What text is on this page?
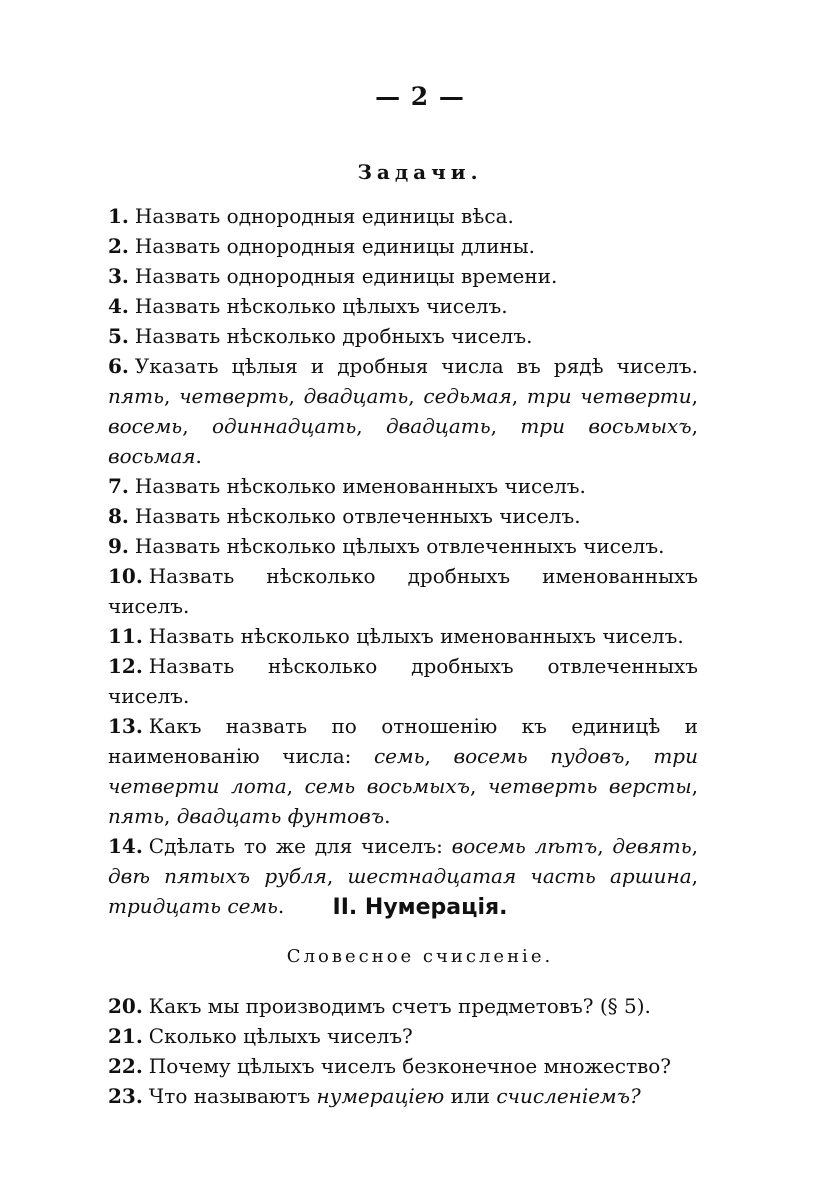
— 2 —
Задачи.

1. Назвать однородныя единицы вѣса.

2. Назвать однородныя единицы длины.

3. Назвать однородныя единицы времени.

4. Назвать нѣсколько цѣлыхъ чиселъ.

5. Назвать нѣсколько дробныхъ чиселъ.

6. Указать цѣлыя и дробныя числа въ рядѣ чиселъ. пять, четверть, двадцать, седьмая, три четверти, восемь, одиннадцать, двадцать, три восьмыхъ, восьмая.

7. Назвать нѣсколько именованныхъ чиселъ.

8. Назвать нѣсколько отвлеченныхъ чиселъ.

9. Назвать нѣсколько цѣлыхъ отвлеченныхъ чиселъ.

10. Назвать нѣсколько дробныхъ именованныхъ чиселъ.

11. Назвать нѣсколько цѣлыхъ именованныхъ чиселъ.

12. Назвать нѣсколько дробныхъ отвлеченныхъ чиселъ.

13. Какъ назвать по отношенію къ единицѣ и наименованію числа: семь, восемь пудовъ, три четверти лота, семь восьмыхъ, четверть версты, пять, двадцать фунтовъ.

14. Сдѣлать то же для чиселъ: восемь лѣтъ, девять, двѣ пятыхъ рубля, шестнадцатая часть аршина, тридцать семь.	II. Нумерація.
Словесное счисленіе.

20. Какъ мы производимъ счетъ предметовъ? (§ 5).

21. Сколько цѣлыхъ чиселъ?

22. Почему цѣлыхъ чиселъ безконечное множество?

23. Что называютъ нумераціею или счисленіемъ?
